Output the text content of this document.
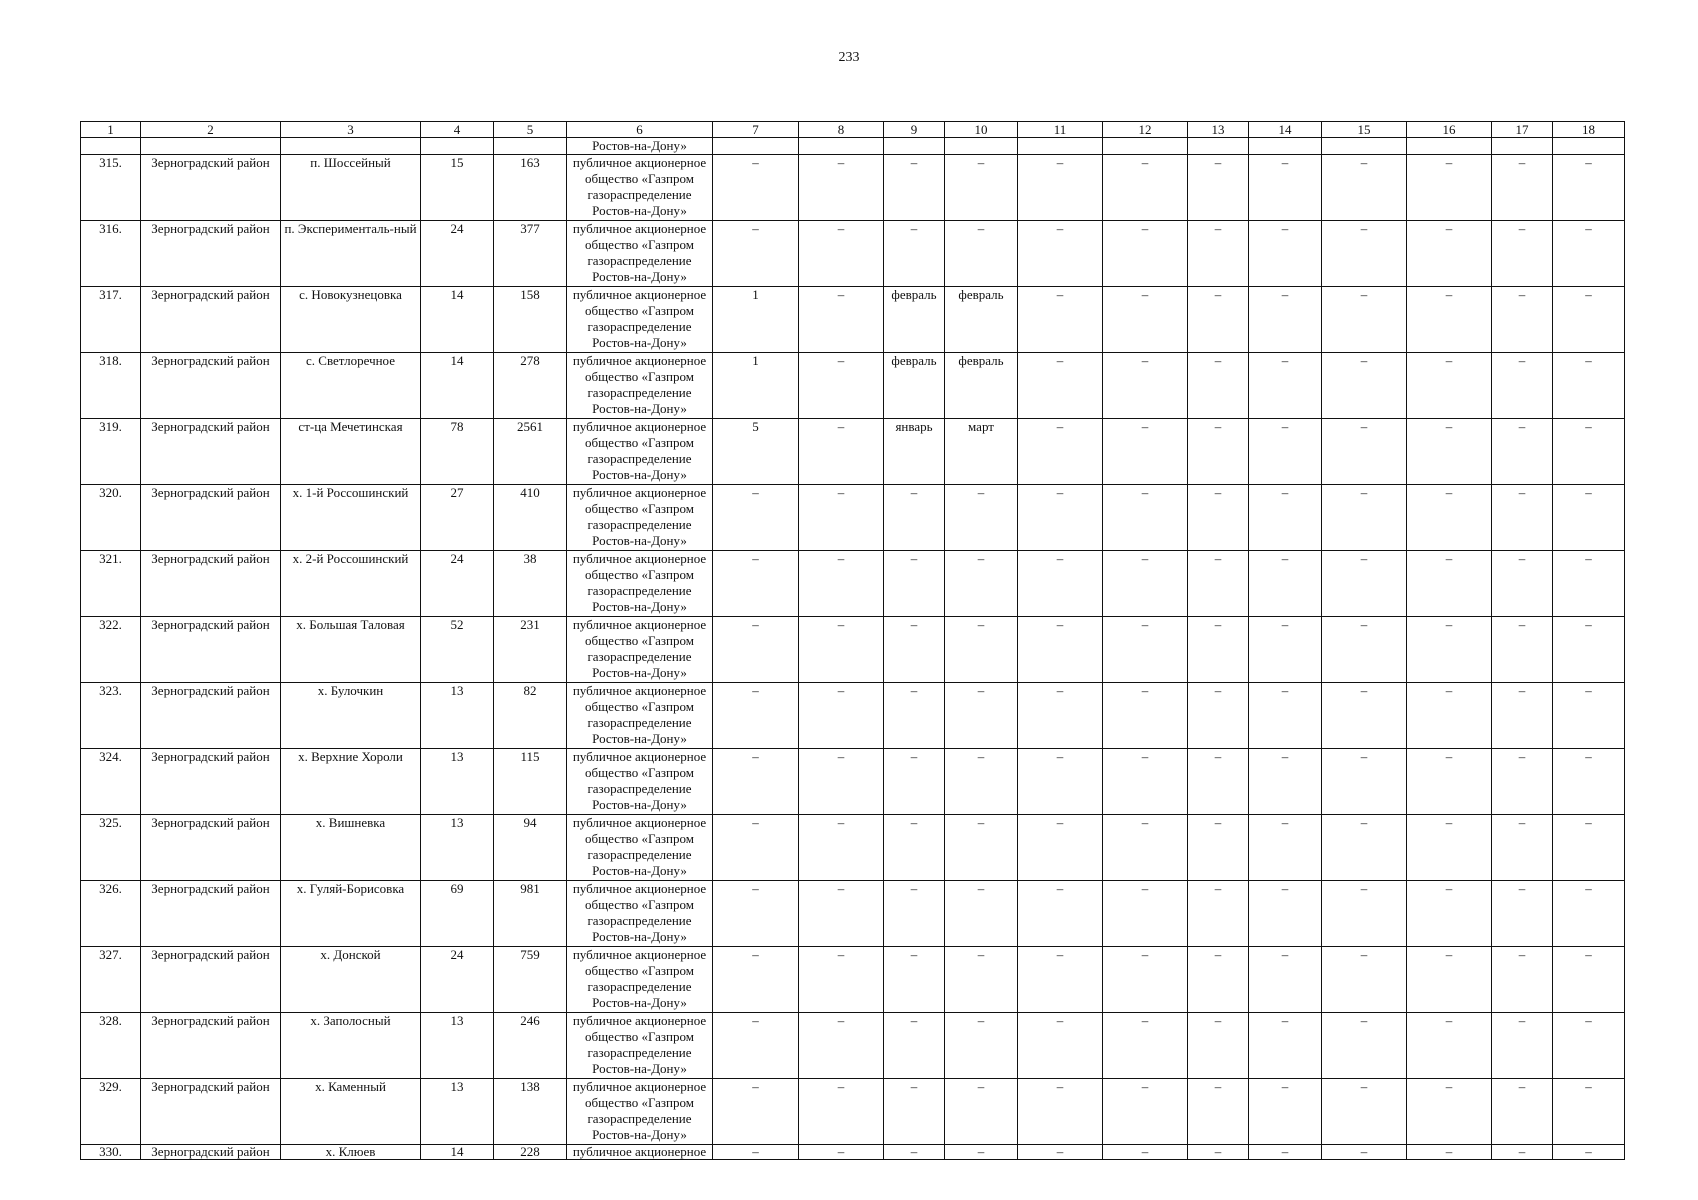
233
1	2	3	4	5	6	7	8	9	10	11	12	13	14	15	16	17	18
					Ростов-на-Дону»												
315.	Зерноградский район	п. Шоссейный	15	163	публичное акционерное общество «Газпром газораспределение Ростов-на-Дону»	–	–	–	–	–	–	–	–	–	–	–	–
316.	Зерноградский район	п. Эксперименталь-ный	24	377	публичное акционерное общество «Газпром газораспределение Ростов-на-Дону»	–	–	–	–	–	–	–	–	–	–	–	–
317.	Зерноградский район	с. Новокузнецовка	14	158	публичное акционерное общество «Газпром газораспределение Ростов-на-Дону»	1	–	февраль	февраль	–	–	–	–	–	–	–	–
318.	Зерноградский район	с. Светлоречное	14	278	публичное акционерное общество «Газпром газораспределение Ростов-на-Дону»	1	–	февраль	февраль	–	–	–	–	–	–	–	–
319.	Зерноградский район	ст-ца Мечетинская	78	2561	публичное акционерное общество «Газпром газораспределение Ростов-на-Дону»	5	–	январь	март	–	–	–	–	–	–	–	–
320.	Зерноградский район	х. 1-й Россошинский	27	410	публичное акционерное общество «Газпром газораспределение Ростов-на-Дону»	–	–	–	–	–	–	–	–	–	–	–	–
321.	Зерноградский район	х. 2-й Россошинский	24	38	публичное акционерное общество «Газпром газораспределение Ростов-на-Дону»	–	–	–	–	–	–	–	–	–	–	–	–
322.	Зерноградский район	х. Большая Таловая	52	231	публичное акционерное общество «Газпром газораспределение Ростов-на-Дону»	–	–	–	–	–	–	–	–	–	–	–	–
323.	Зерноградский район	х. Булочкин	13	82	публичное акционерное общество «Газпром газораспределение Ростов-на-Дону»	–	–	–	–	–	–	–	–	–	–	–	–
324.	Зерноградский район	х. Верхние Хороли	13	115	публичное акционерное общество «Газпром газораспределение Ростов-на-Дону»	–	–	–	–	–	–	–	–	–	–	–	–
325.	Зерноградский район	х. Вишневка	13	94	публичное акционерное общество «Газпром газораспределение Ростов-на-Дону»	–	–	–	–	–	–	–	–	–	–	–	–
326.	Зерноградский район	х. Гуляй-Борисовка	69	981	публичное акционерное общество «Газпром газораспределение Ростов-на-Дону»	–	–	–	–	–	–	–	–	–	–	–	–
327.	Зерноградский район	х. Донской	24	759	публичное акционерное общество «Газпром газораспределение Ростов-на-Дону»	–	–	–	–	–	–	–	–	–	–	–	–
328.	Зерноградский район	х. Заполосный	13	246	публичное акционерное общество «Газпром газораспределение Ростов-на-Дону»	–	–	–	–	–	–	–	–	–	–	–	–
329.	Зерноградский район	х. Каменный	13	138	публичное акционерное общество «Газпром газораспределение Ростов-на-Дону»	–	–	–	–	–	–	–	–	–	–	–	–
330.	Зерноградский район	х. Клюев	14	228	публичное акционерное	–	–	–	–	–	–	–	–	–	–	–	–
